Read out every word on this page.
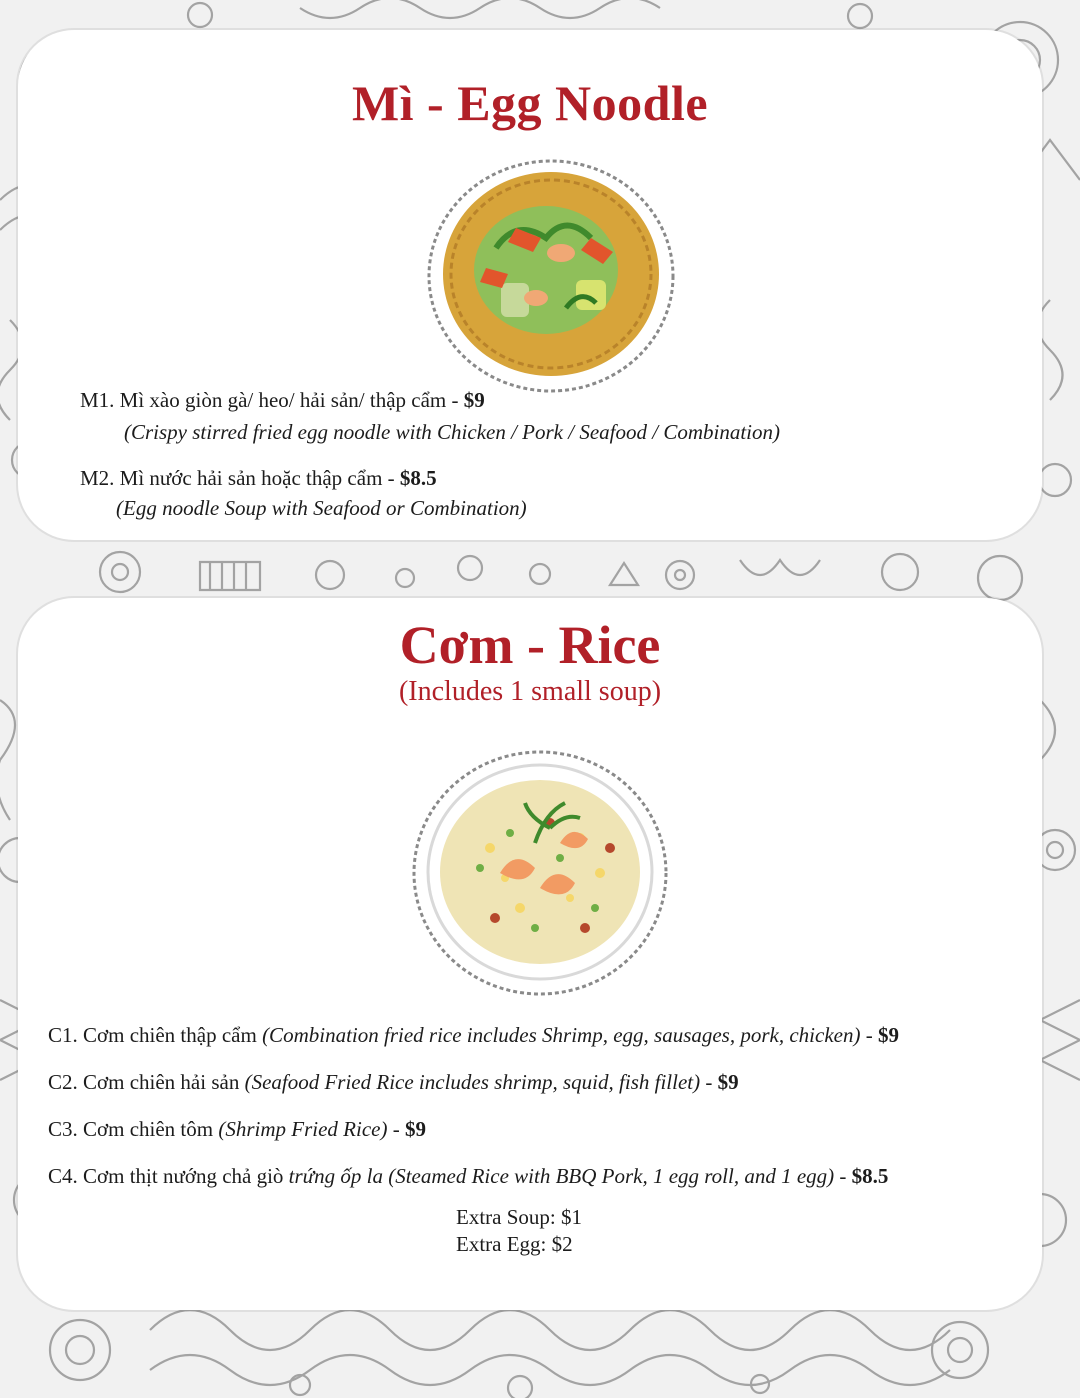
Mì - Egg Noodle
M1. Mì xào giòn gà/ heo/ hải sản/ thập cẩm - $9
(Crispy stirred fried egg noodle with Chicken / Pork / Seafood / Combination)
M2. Mì nước hải sản hoặc thập cẩm - $8.5
(Egg noodle Soup with Seafood or Combination)
Cơm - Rice
(Includes 1 small soup)
C1. Cơm chiên thập cẩm (Combination fried rice includes Shrimp, egg, sausages, pork, chicken) - $9
C2. Cơm chiên hải sản (Seafood Fried Rice includes shrimp, squid, fish fillet) - $9
C3. Cơm chiên tôm (Shrimp Fried Rice) - $9
C4. Cơm thịt nướng chả giò trứng ốp la (Steamed Rice with BBQ Pork, 1 egg roll, and 1 egg) - $8.5
Extra Soup: $1
Extra Egg: $2
